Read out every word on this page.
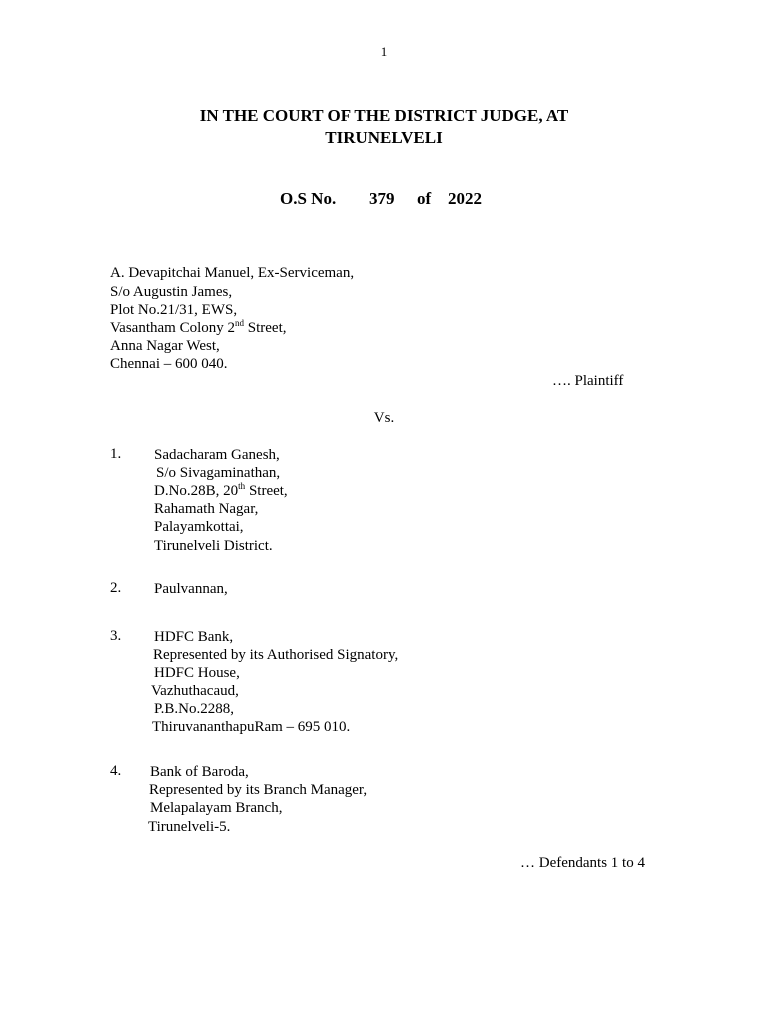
1
IN THE COURT OF THE DISTRICT JUDGE, AT
TIRUNELVELI
O.S No. 379 of 2022
A. Devapitchai Manuel, Ex-Serviceman,
S/o Augustin James,
Plot No.21/31, EWS,
Vasantham Colony 2nd Street,
Anna Nagar West,
Chennai – 600 040.
…. Plaintiff
Vs.
1. Sadacharam Ganesh,
S/o Sivagaminathan,
D.No.28B, 20th Street,
Rahamath Nagar,
Palayamkottai,
Tirunelveli District.
2. Paulvannan,
3. HDFC Bank,
Represented by its Authorised Signatory,
HDFC House,
Vazhuthacaud,
P.B.No.2288,
ThiruvananthapuRam – 695 010.
4. Bank of Baroda,
Represented by its Branch Manager,
Melapalayam Branch,
Tirunelveli-5.
… Defendants 1 to 4
